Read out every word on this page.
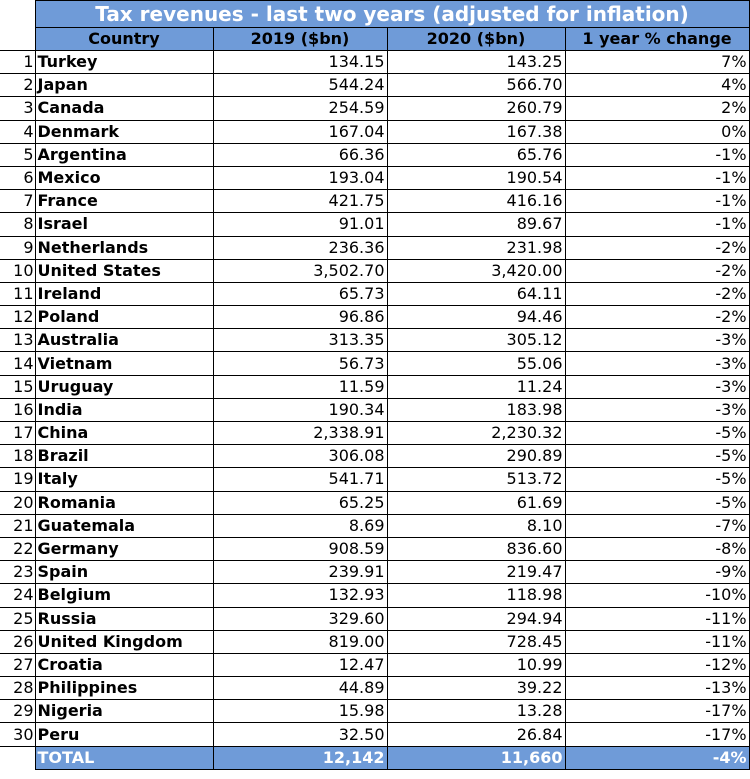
	Tax revenues - last two years (adjusted for inflation)			
	Country	2019 ($bn)	2020 ($bn)	1 year % change
1	Turkey	134.15	143.25	7%
2	Japan	544.24	566.70	4%
3	Canada	254.59	260.79	2%
4	Denmark	167.04	167.38	0%
5	Argentina	66.36	65.76	-1%
6	Mexico	193.04	190.54	-1%
7	France	421.75	416.16	-1%
8	Israel	91.01	89.67	-1%
9	Netherlands	236.36	231.98	-2%
10	United States	3,502.70	3,420.00	-2%
11	Ireland	65.73	64.11	-2%
12	Poland	96.86	94.46	-2%
13	Australia	313.35	305.12	-3%
14	Vietnam	56.73	55.06	-3%
15	Uruguay	11.59	11.24	-3%
16	India	190.34	183.98	-3%
17	China	2,338.91	2,230.32	-5%
18	Brazil	306.08	290.89	-5%
19	Italy	541.71	513.72	-5%
20	Romania	65.25	61.69	-5%
21	Guatemala	8.69	8.10	-7%
22	Germany	908.59	836.60	-8%
23	Spain	239.91	219.47	-9%
24	Belgium	132.93	118.98	-10%
25	Russia	329.60	294.94	-11%
26	United Kingdom	819.00	728.45	-11%
27	Croatia	12.47	10.99	-12%
28	Philippines	44.89	39.22	-13%
29	Nigeria	15.98	13.28	-17%
30	Peru	32.50	26.84	-17%
	TOTAL	12,142	11,660	-4%
